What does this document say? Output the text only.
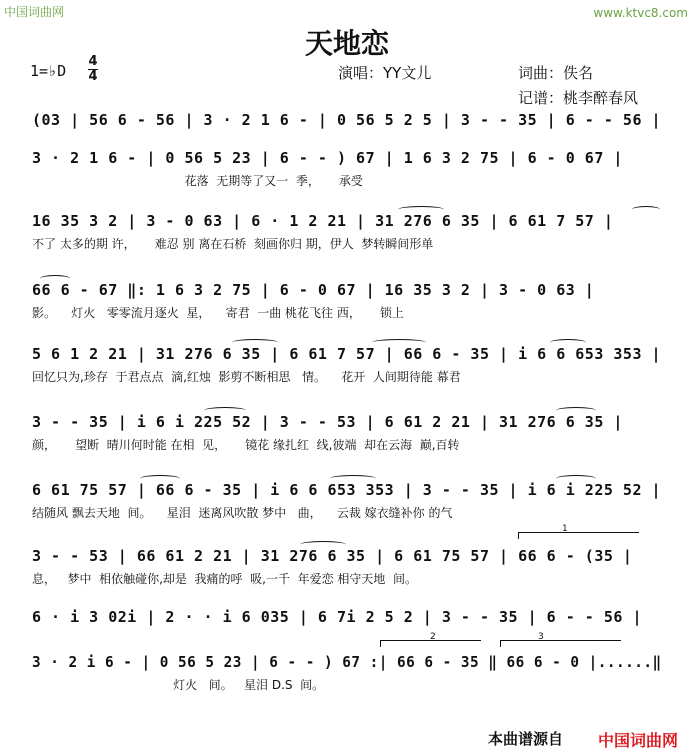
中国词曲网	www.ktvc8.com
天地恋
1=♭D
4
4	演唱：YY文儿	词曲：佚名
记谱：桃李醉春风
(03 | 56 6 - 56 | 3 · 2 1 6 - | 0 56 5 2 5 | 3 - - 35 | 6 - - 56 |
3 · 2 1 6 - | 0 56 5 23 | 6 - - ) 67 | 1 6 3 2 75 | 6 - 0 67 |
花落  无期等了又一  季，     承受
16 35 3 2 | 3 - 0 63 | 6 · 1 2 21 | 31 276 6 35 | 6 61 7 57 |
不了 太多的期 许，     难忍 别 离在石桥  刻画你归 期，伊人  梦转瞬间形单
66 6 - 67 ‖: 1 6 3 2 75 | 6 - 0 67 | 16 35 3 2 | 3 - 0 63 |
影。    灯火   零零流月逐火  星，    寄君  一曲 桃花飞往 西，     锁上
5 6 1 2 21 | 31 276 6 35 | 6 61 7 57 | 66 6 - 35 | i 6 6 653 353 |
回忆只为,珍存  于君点点  滴,红烛  影剪不断相思   情。    花开  人间期待能 幕君
3 - - 35 | i 6 i 225 52 | 3 - - 53 | 6 61 2 21 | 31 276 6 35 |
颜，     望断  晴川何时能 在相  见，     镜花 缘扎红  线,彼端  却在云海  巅,百转
6 61 75 57 | 66 6 - 35 | i 6 6 653 353 | 3 - - 35 | i 6 i 225 52 |
结随风 飘去天地  间。    星泪  迷离风吹散 梦中   曲，    云裁 嫁衣缝补你 的气
3 - - 53 | 66 61 2 21 | 31 276 6 35 | 6 61 75 57 | 66 6 - (35 |
息，   梦中  相依触碰你,却是  我痛的呼  吸,一千  年爱恋 相守天地  间。
6 · i 3 02i | 2 · · i 6 035 | 6 7i 2 5 2 | 3 - - 35 | 6 - - 56 |
3 · 2 i 6 - | 0 56 5 23 | 6 - - ) 67 :| 66 6 - 35 ‖ 66 6 - 0 |......‖
灯火   间。   星泪 D.S  间。
1
2	3
本曲谱源自 中国词曲网
